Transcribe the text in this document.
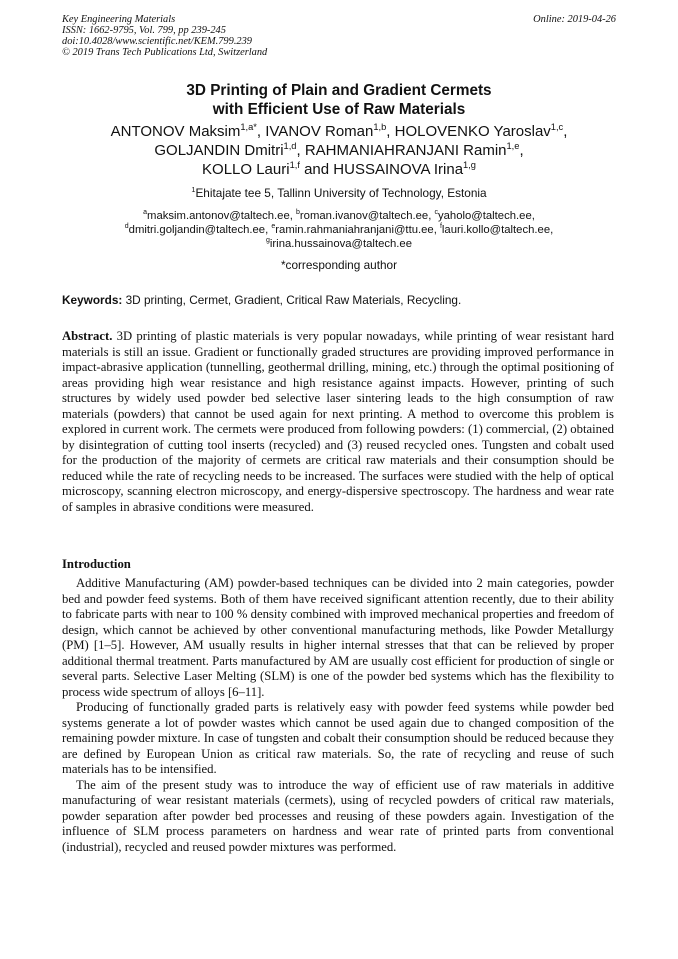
Key Engineering Materials
ISSN: 1662-9795, Vol. 799, pp 239-245
doi:10.4028/www.scientific.net/KEM.799.239
© 2019 Trans Tech Publications Ltd, Switzerland
Online: 2019-04-26
3D Printing of Plain and Gradient Cermets
with Efficient Use of Raw Materials
ANTONOV Maksim$^{1,a*}$, IVANOV Roman$^{1,b}$, HOLOVENKO Yaroslav$^{1,c}$,
GOLJANDIN Dmitri$^{1,d}$, RAHMANIAHRANJANI Ramin$^{1,e}$,
KOLLO Lauri$^{1,f}$ and HUSSAINOVA Irina$^{1,g}$
$^1$Ehitajate tee 5, Tallinn University of Technology, Estonia
$^a$maksim.antonov@taltech.ee, $^b$roman.ivanov@taltech.ee, $^c$yaholo@taltech.ee,
$^d$dmitri.goljandin@taltech.ee, $^e$ramin.rahmaniahranjani@ttu.ee, $^f$lauri.kollo@taltech.ee,
$^g$irina.hussainova@taltech.ee
*corresponding author
Keywords: 3D printing, Cermet, Gradient, Critical Raw Materials, Recycling.
Abstract. 3D printing of plastic materials is very popular nowadays, while printing of wear resistant hard materials is still an issue. Gradient or functionally graded structures are providing improved performance in impact-abrasive application (tunnelling, geothermal drilling, mining, etc.) through the optimal positioning of areas providing high wear resistance and high resistance against impacts. However, printing of such structures by widely used powder bed selective laser sintering leads to the high consumption of raw materials (powders) that cannot be used again for next printing. A method to overcome this problem is explored in current work. The cermets were produced from following powders: (1) commercial, (2) obtained by disintegration of cutting tool inserts (recycled) and (3) reused recycled ones. Tungsten and cobalt used for the production of the majority of cermets are critical raw materials and their consumption should be reduced while the rate of recycling needs to be increased. The surfaces were studied with the help of optical microscopy, scanning electron microscopy, and energy-dispersive spectroscopy. The hardness and wear rate of samples in abrasive conditions were measured.
Introduction

Additive Manufacturing (AM) powder-based techniques can be divided into 2 main categories, powder bed and powder feed systems. Both of them have received significant attention recently, due to their ability to fabricate parts with near to 100 % density combined with improved mechanical properties and freedom of design, which cannot be achieved by other conventional manufacturing methods, like Powder Metallurgy (PM) [1–5]. However, AM usually results in higher internal stresses that that can be relieved by proper additional thermal treatment. Parts manufactured by AM are usually cost efficient for production of single or several parts. Selective Laser Melting (SLM) is one of the powder bed systems which has the flexibility to process wide spectrum of alloys [6–11].

Producing of functionally graded parts is relatively easy with powder feed systems while powder bed systems generate a lot of powder wastes which cannot be used again due to changed composition of the remaining powder mixture. In case of tungsten and cobalt their consumption should be reduced because they are defined by European Union as critical raw materials. So, the rate of recycling and reuse of such materials has to be intensified.

The aim of the present study was to introduce the way of efficient use of raw materials in additive manufacturing of wear resistant materials (cermets), using of recycled powders of critical raw materials, powder separation after powder bed processes and reusing of these powders again. Investigation of the influence of SLM process parameters on hardness and wear rate of printed parts from conventional (industrial), recycled and reused powder mixtures was performed.
